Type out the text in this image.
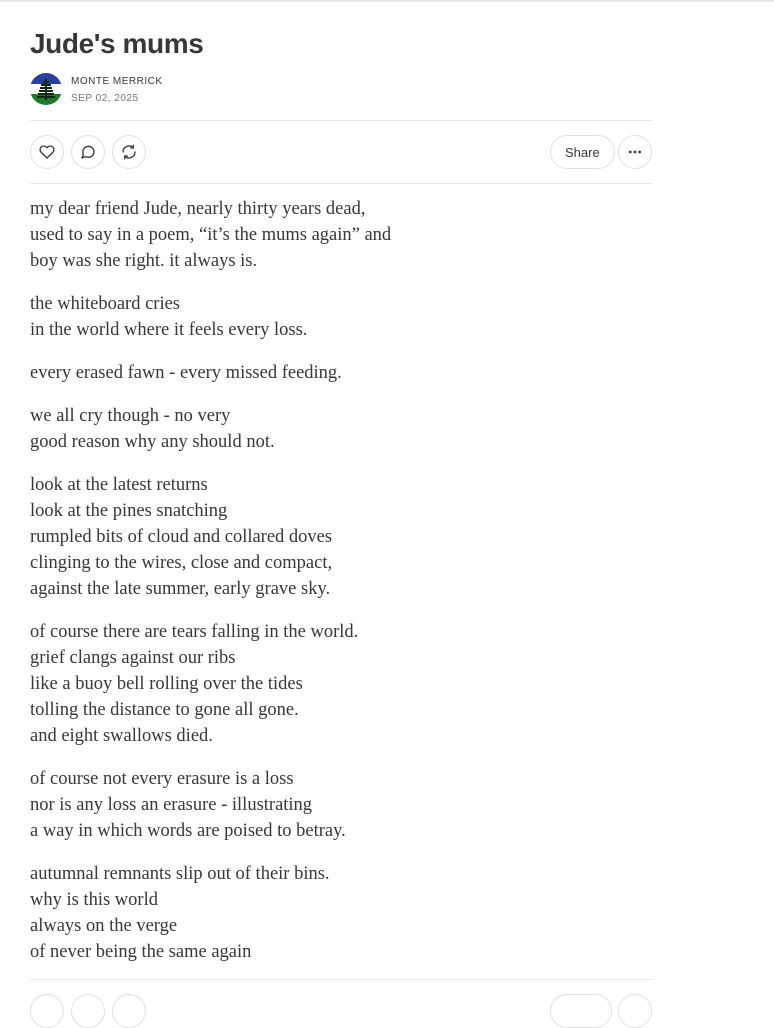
Jude's mums
MONTE MERRICK
SEP 02, 2025
Share

my dear friend Jude, nearly thirty years dead,
used to say in a poem, “it’s the mums again” and
boy was she right. it always is.

the whiteboard cries
in the world where it feels every loss.

every erased fawn - every missed feeding.

we all cry though - no very
good reason why any should not.

look at the latest returns
look at the pines snatching
rumpled bits of cloud and collared doves
clinging to the wires, close and compact,
against the late summer, early grave sky.

of course there are tears falling in the world.
grief clangs against our ribs
like a buoy bell rolling over the tides
tolling the distance to gone all gone.
and eight swallows died.

of course not every erasure is a loss
nor is any loss an erasure - illustrating
a way in which words are poised to betray.

autumnal remnants slip out of their bins.
why is this world
always on the verge
of never being the same again
